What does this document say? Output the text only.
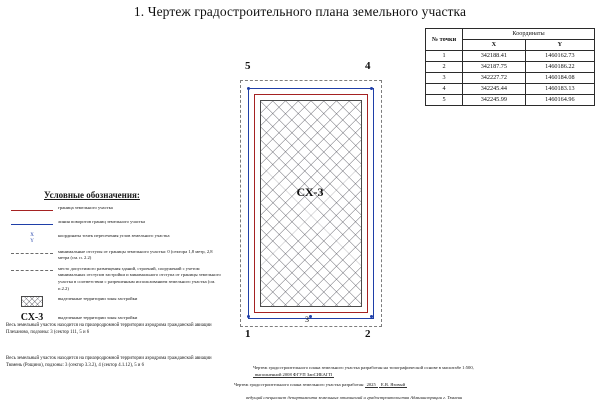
1. Чертеж градостроительного плана земельного участка
№ точки	Координаты	
	X	Y
1	342188.41	1460162.73
2	342187.75	1460186.22
3	342227.72	1460184.08
4	342245.44	1460183.13
5	342245.99	1460164.96
СХ-3
5	4
1	2
3
Условные обозначения:
граница земельного участка
линия поворотов границ земельного участка
X
Y
координаты точек пересечения углов земельного участка
минимальные отступы от границы земельного участка: 0 (сектора 1,8 метр, 2,8 метра (см. п. 2.2)
место допустимого размещения зданий, строений, сооружений с учетом минимальных отступов застройки и минимального отступа от границы земельного участка в соответствии с разрешенным использованием земельного участка (см. п.2.2)
выделенные территории зоны застройки
СХ-3	выделенные территории зоны застройки
Весь земельный участок находится на приаэродромной территории аэродрома гражданской авиации Плеханово, подзоны: 3 (сектор 111, 5 и 6
Весь земельный участок находится на приаэродромной территории аэродрома гражданской авиации Тюмень (Рощино), подзоны: 3 (сектор 3.3.2), 4 (сектор 4.1.12), 5 и 6	Чертеж градостроительного плана земельного участка разработан на топографической основе в масштабе 1:500,
выполненной 2008 ФГУП ЗапСИБАГП
Чертеж градостроительного плана земельного участка разработан 2025 Е.В. Язовый
ведущий специалист департамента земельных отношений и градостроительства Администрации г. Тюмени
